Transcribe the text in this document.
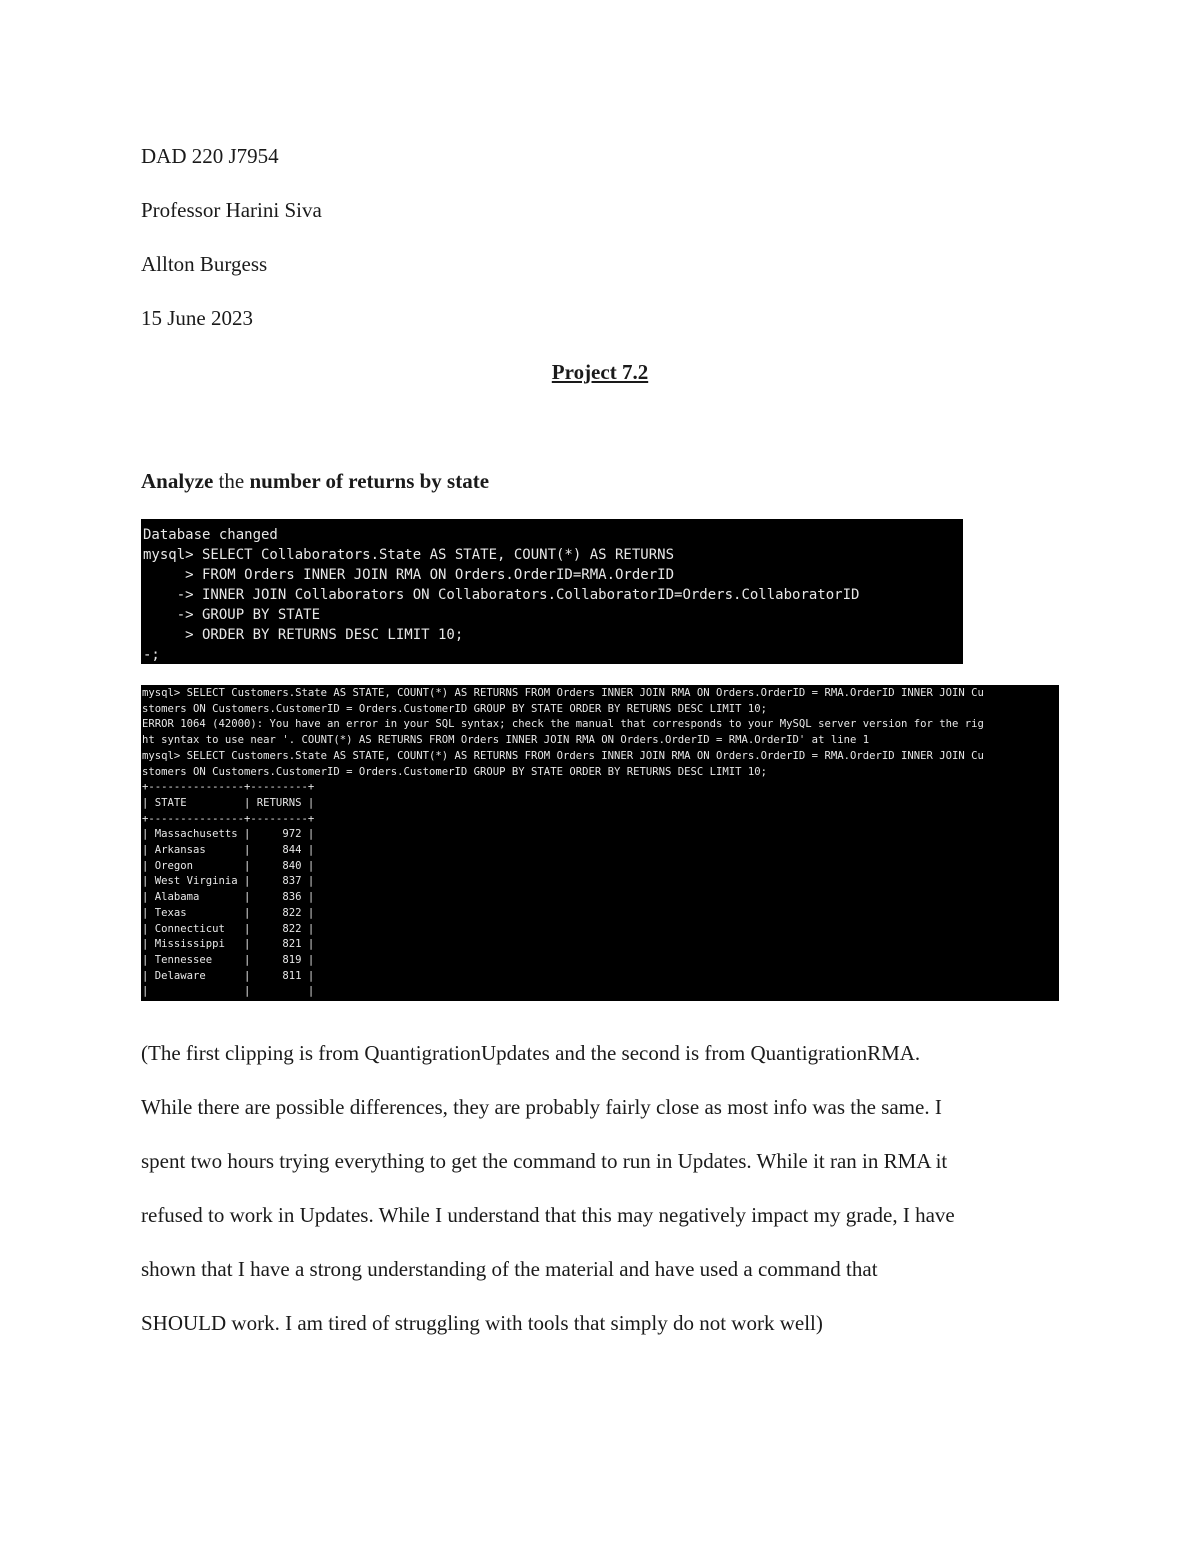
DAD 220 J7954
Professor Harini Siva
Allton Burgess
15 June 2023
Project 7.2
Analyze the number of returns by state

Database changed

mysql> SELECT Collaborators.State AS STATE, COUNT(*) AS RETURNS

> FROM Orders INNER JOIN RMA ON Orders.OrderID=RMA.OrderID

-> INNER JOIN Collaborators ON Collaborators.CollaboratorID=Orders.CollaboratorID

-> GROUP BY STATE

> ORDER BY RETURNS DESC LIMIT 10;

-;

mysql> SELECT Customers.State AS STATE, COUNT(*) AS RETURNS FROM Orders INNER JOIN RMA ON Orders.OrderID = RMA.OrderID INNER JOIN Cu

stomers ON Customers.CustomerID = Orders.CustomerID GROUP BY STATE ORDER BY RETURNS DESC LIMIT 10;

ERROR 1064 (42000): You have an error in your SQL syntax; check the manual that corresponds to your MySQL server version for the rig

ht syntax to use near '. COUNT(*) AS RETURNS FROM Orders INNER JOIN RMA ON Orders.OrderID = RMA.OrderID' at line 1

mysql> SELECT Customers.State AS STATE, COUNT(*) AS RETURNS FROM Orders INNER JOIN RMA ON Orders.OrderID = RMA.OrderID INNER JOIN Cu

stomers ON Customers.CustomerID = Orders.CustomerID GROUP BY STATE ORDER BY RETURNS DESC LIMIT 10;

+---------------+---------+

| STATE         | RETURNS |

+---------------+---------+

| Massachusetts |     972 |

| Arkansas      |     844 |

| Oregon        |     840 |

| West Virginia |     837 |

| Alabama       |     836 |

| Texas         |     822 |

| Connecticut   |     822 |

| Mississippi   |     821 |

| Tennessee     |     819 |

| Delaware      |     811 |

|               |         |

(The first clipping is from QuantigrationUpdates and the second is from QuantigrationRMA.
While there are possible differences, they are probably fairly close as most info was the same. I
spent two hours trying everything to get the command to run in Updates. While it ran in RMA it
refused to work in Updates. While I understand that this may negatively impact my grade, I have
shown that I have a strong understanding of the material and have used a command that
SHOULD work. I am tired of struggling with tools that simply do not work well)
